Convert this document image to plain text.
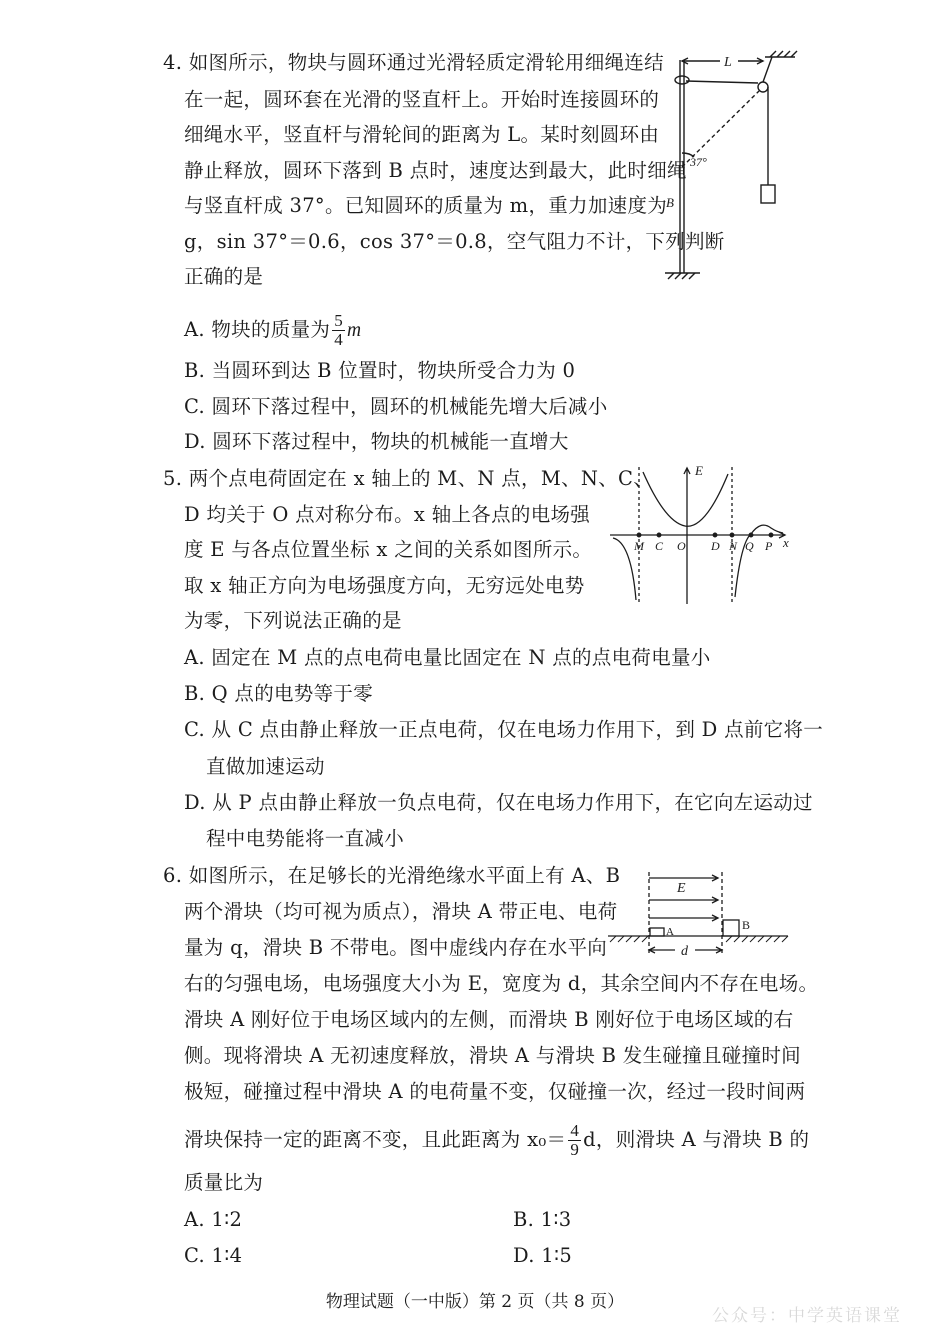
4. 如图所示，物块与圆环通过光滑轻质定滑轮用细绳连结
在一起，圆环套在光滑的竖直杆上。开始时连接圆环的
细绳水平，竖直杆与滑轮间的距离为 L。某时刻圆环由
静止释放，圆环下落到 B 点时，速度达到最大，此时细绳
与竖直杆成 37°。已知圆环的质量为 m，重力加速度为
g，sin 37°＝0.6，cos 37°＝0.8，空气阻力不计，下列判断
正确的是
A. 物块的质量为 $\frac{5}{4}$ m
B. 当圆环到达 B 位置时，物块所受合力为 0
C. 圆环下落过程中，圆环的机械能先增大后减小
D. 圆环下落过程中，物块的机械能一直增大
L
37°
B
5. 两个点电荷固定在 x 轴上的 M、N 点，M、N、C、
D 均关于 O 点对称分布。x 轴上各点的电场强
度 E 与各点位置坐标 x 之间的关系如图所示。
取 x 轴正方向为电场强度方向，无穷远处电势
为零，下列说法正确的是
A. 固定在 M 点的点电荷电量比固定在 N 点的点电荷电量小
B. Q 点的电势等于零
C. 从 C 点由静止释放一正点电荷，仅在电场力作用下，到 D 点前它将一
直做加速运动
D. 从 P 点由静止释放一负点电荷，仅在电场力作用下，在它向左运动过
程中电势能将一直减小
E
x
M C O D N Q P
6. 如图所示，在足够长的光滑绝缘水平面上有 A、B
两个滑块（均可视为质点），滑块 A 带正电、电荷
量为 q，滑块 B 不带电。图中虚线内存在水平向
右的匀强电场，电场强度大小为 E，宽度为 d，其余空间内不存在电场。
滑块 A 刚好位于电场区域内的左侧，而滑块 B 刚好位于电场区域的右
侧。现将滑块 A 无初速度释放，滑块 A 与滑块 B 发生碰撞且碰撞时间
极短，碰撞过程中滑块 A 的电荷量不变，仅碰撞一次，经过一段时间两
滑块保持一定的距离不变，且此距离为 $x_0= \frac{4}{9}$ d，则滑块 A 与滑块 B 的
质量比为
A. 1∶2	B. 1∶3
C. 1∶4	D. 1∶5
E
d
A	B
物理试题（一中版）第 2 页（共 8 页）
公众号：中学英语课堂
